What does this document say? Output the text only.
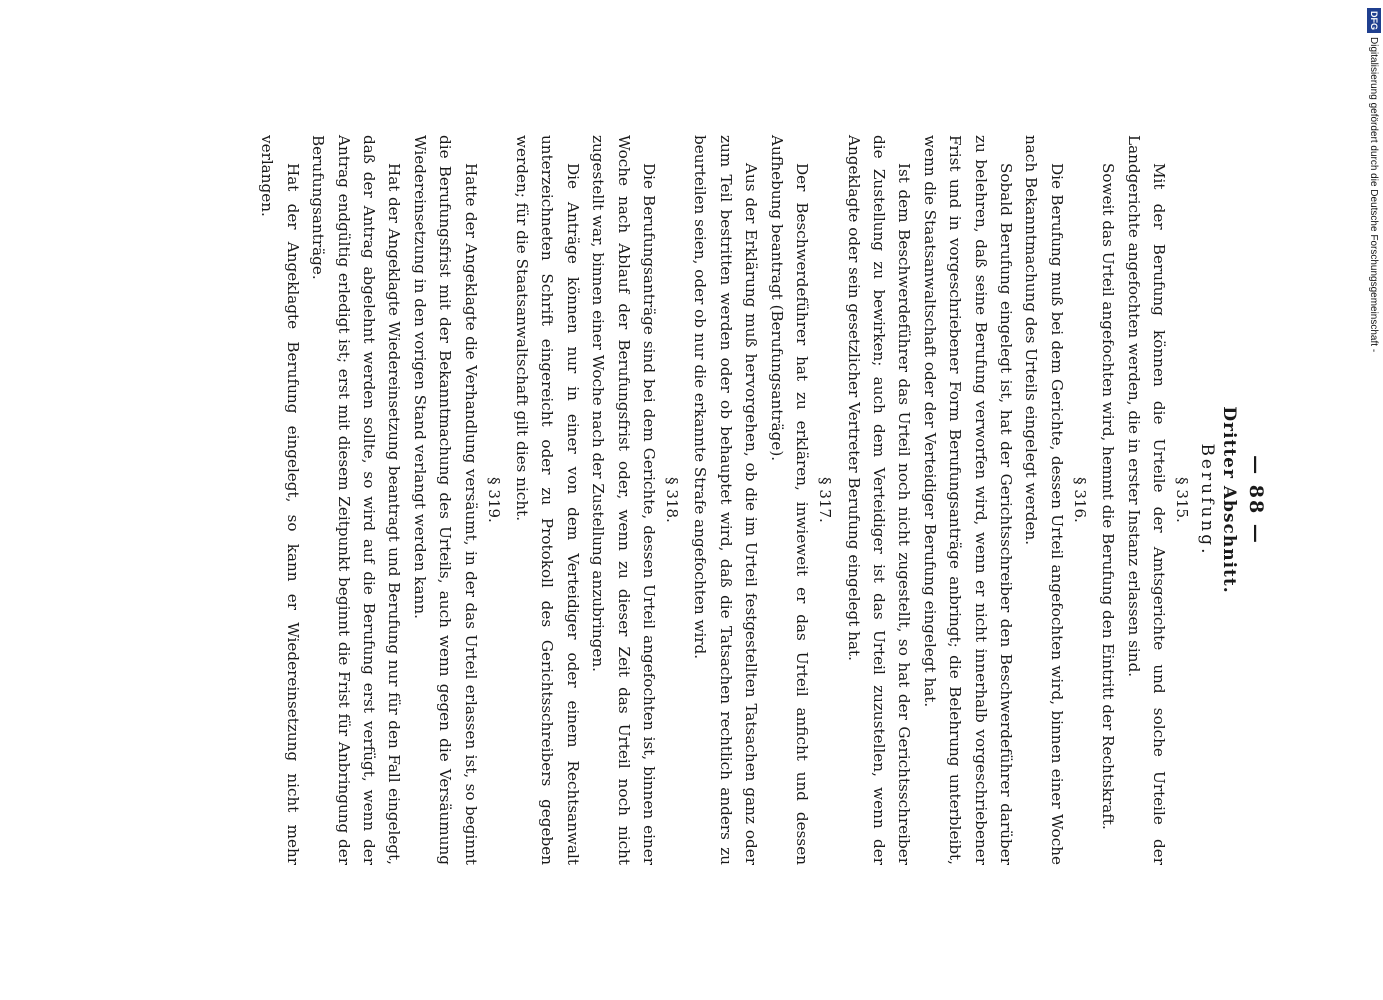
— 88 —
Dritter Abschnitt.
Berufung.
§ 315.

Mit der Berufung können die Urteile der Amtsgerichte und solche Urteile der Landgerichte angefochten werden, die in erster Instanz erlassen sind.

Soweit das Urteil angefochten wird, hemmt die Berufung den Eintritt der Rechtskraft.

§ 316.

Die Berufung muß bei dem Gerichte, dessen Urteil angefochten wird, binnen einer Woche nach Bekanntmachung des Urteils eingelegt werden.

Sobald Berufung eingelegt ist, hat der Gerichtsschreiber den Beschwerdeführer darüber zu belehren, daß seine Berufung verworfen wird, wenn er nicht innerhalb vorgeschriebener Frist und in vorgeschriebener Form Berufungsanträge anbringt; die Belehrung unterbleibt, wenn die Staatsanwaltschaft oder der Verteidiger Berufung eingelegt hat.

Ist dem Beschwerdeführer das Urteil noch nicht zugestellt, so hat der Gerichtsschreiber die Zustellung zu bewirken; auch dem Verteidiger ist das Urteil zuzustellen, wenn der Angeklagte oder sein gesetzlicher Vertreter Berufung eingelegt hat.

§ 317.

Der Beschwerdeführer hat zu erklären, inwieweit er das Urteil anficht und dessen Aufhebung beantragt (Berufungsanträge).

Aus der Erklärung muß hervorgehen, ob die im Urteil festgestellten Tatsachen ganz oder zum Teil bestritten werden oder ob behauptet wird, daß die Tatsachen rechtlich anders zu beurteilen seien, oder ob nur die erkannte Strafe angefochten wird.

§ 318.

Die Berufungsanträge sind bei dem Gerichte, dessen Urteil angefochten ist, binnen einer Woche nach Ablauf der Berufungsfrist oder, wenn zu dieser Zeit das Urteil noch nicht zugestellt war, binnen einer Woche nach der Zustellung anzubringen.

Die Anträge können nur in einer von dem Verteidiger oder einem Rechtsanwalt unterzeichneten Schrift eingereicht oder zu Protokoll des Gerichtsschreibers gegeben werden; für die Staatsanwaltschaft gilt dies nicht.

§ 319.

Hatte der Angeklagte die Verhandlung versäumt, in der das Urteil erlassen ist, so beginnt die Berufungsfrist mit der Bekanntmachung des Urteils, auch wenn gegen die Versäumung Wiedereinsetzung in den vorigen Stand verlangt werden kann.

Hat der Angeklagte Wiedereinsetzung beantragt und Berufung nur für den Fall eingelegt, daß der Antrag abgelehnt werden sollte, so wird auf die Berufung erst verfügt, wenn der Antrag endgültig erledigt ist; erst mit diesem Zeitpunkt beginnt die Frist für Anbringung der Berufungsanträge.

Hat der Angeklagte Berufung eingelegt, so kann er Wiedereinsetzung nicht mehr verlangen.

DFG
Digitalisierung gefördert durch die Deutsche Forschungsgemeinschaft -
